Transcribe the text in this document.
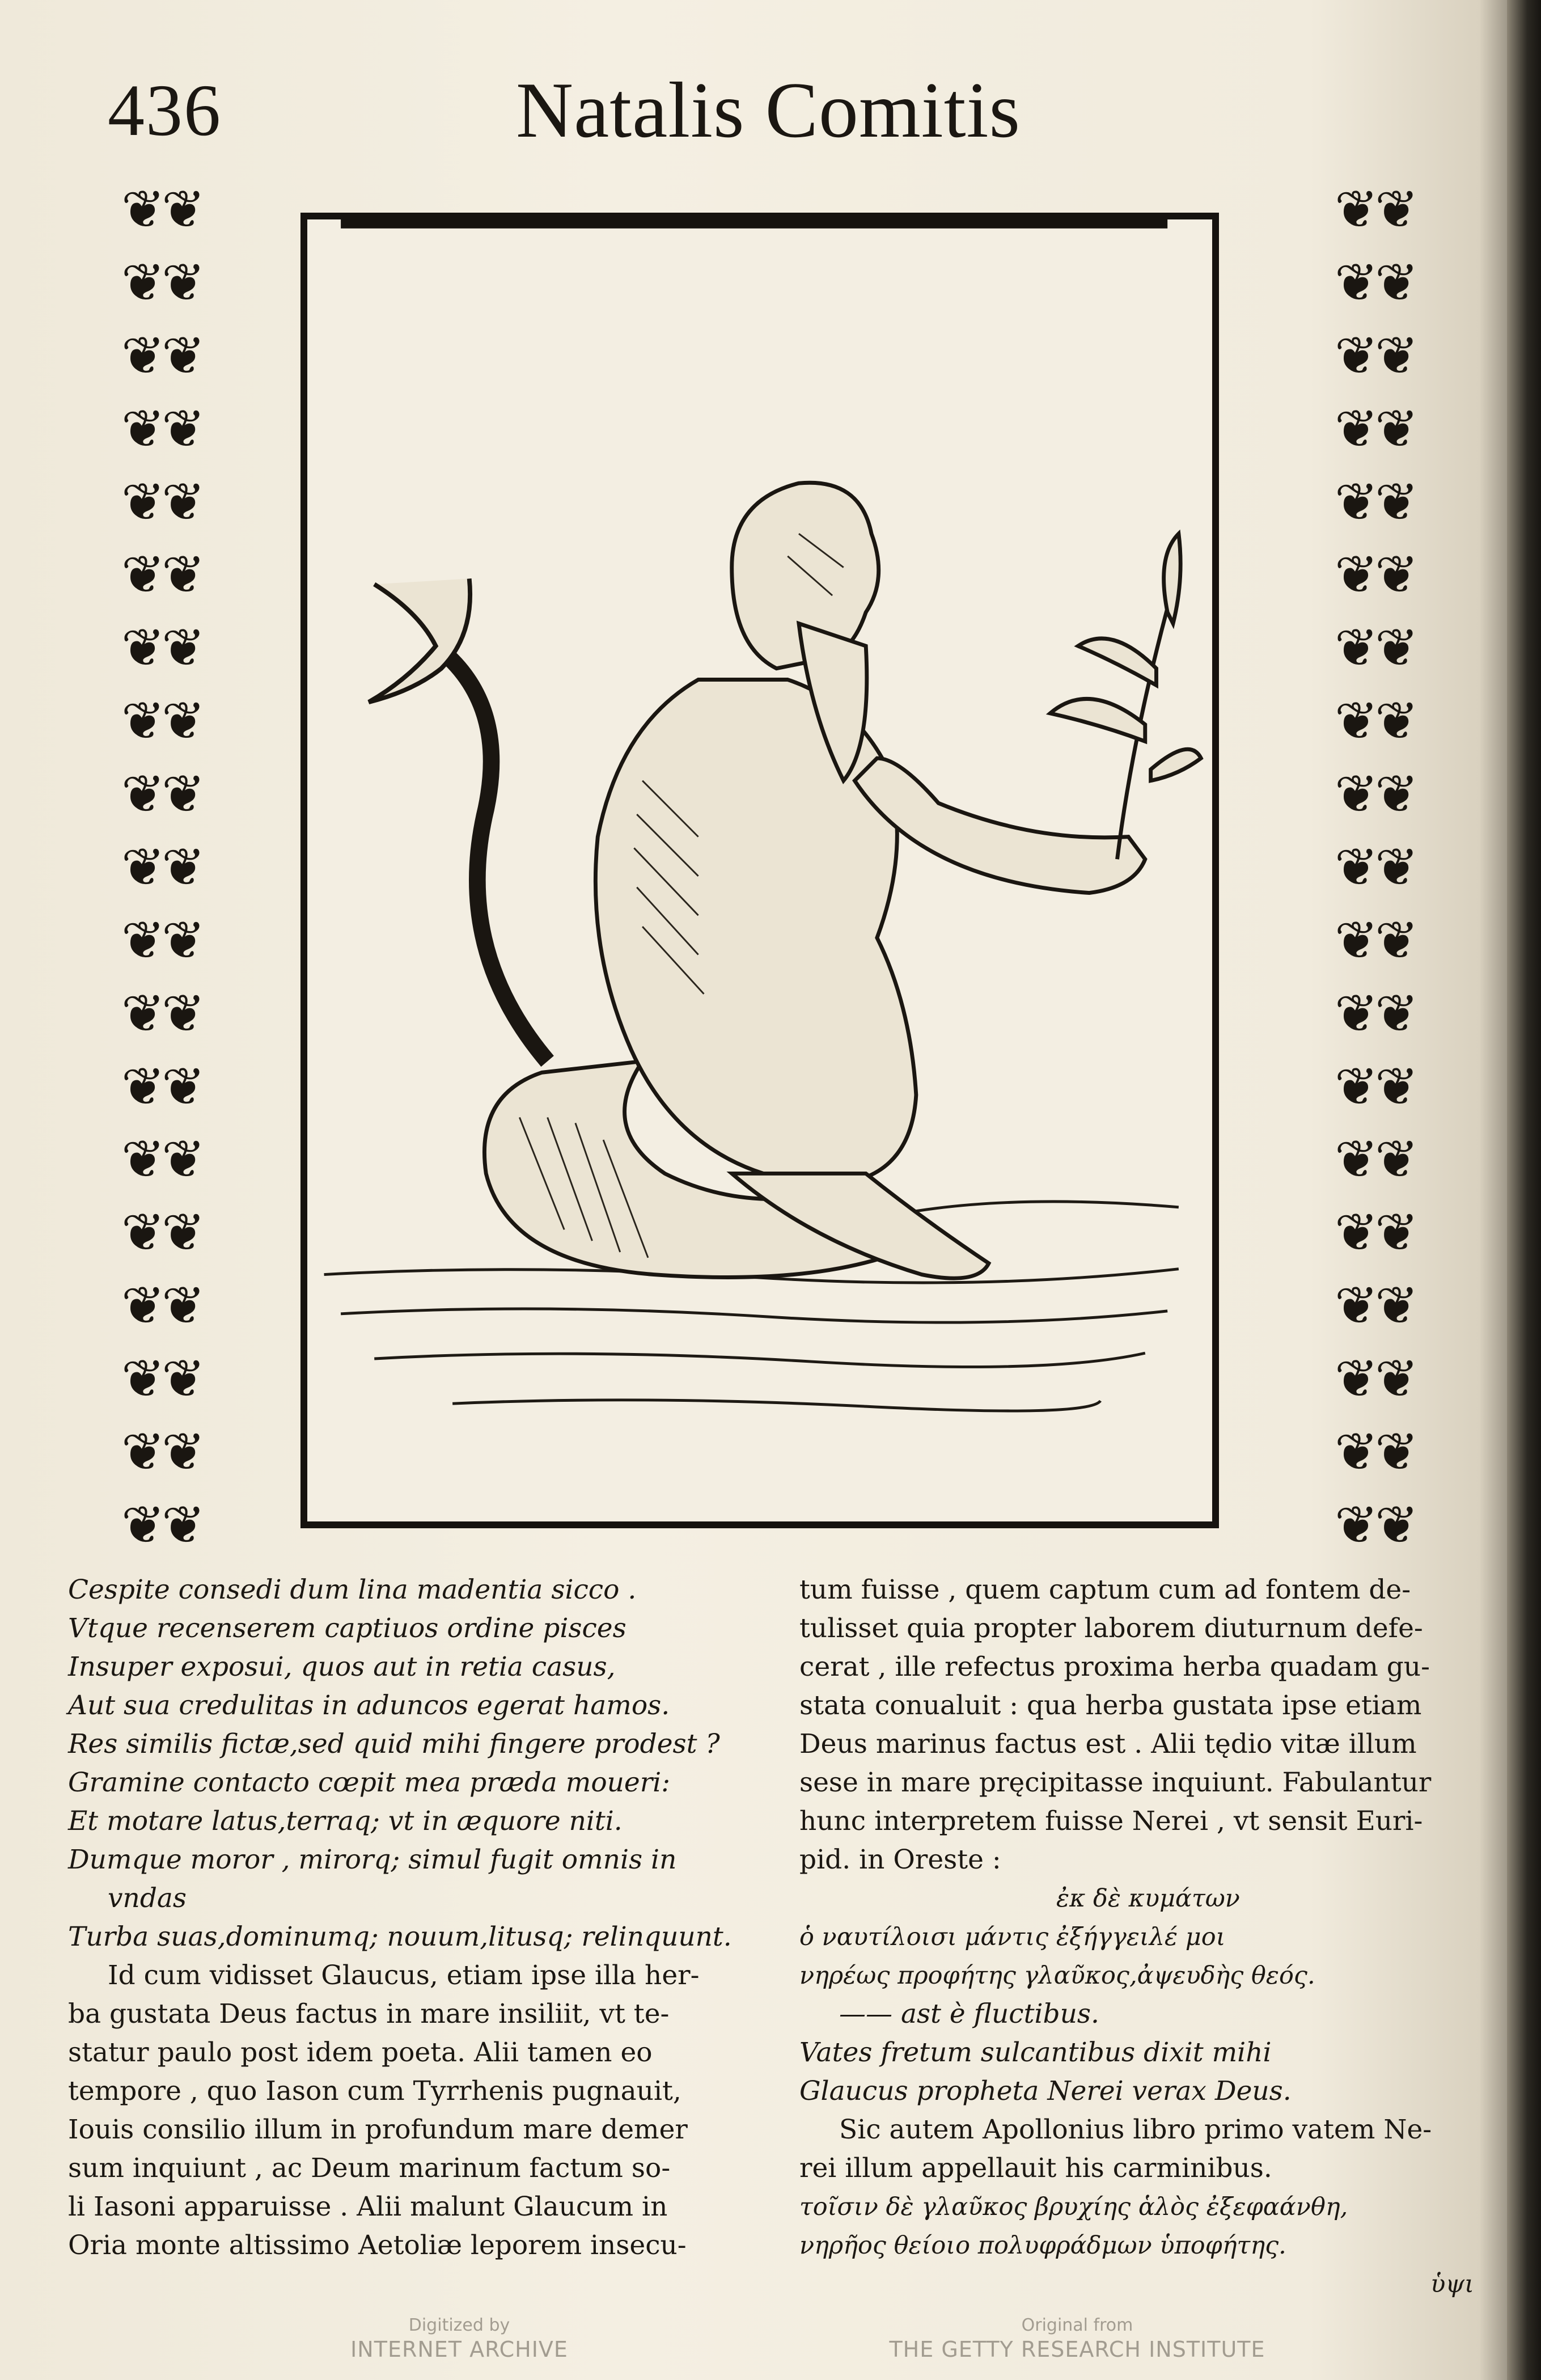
436	Natalis Comitis
❦❦
❦❦
❦❦
❦❦
❦❦
❦❦
❦❦
❦❦
❦❦
❦❦
❦❦
❦❦
❦❦
❦❦
❦❦
❦❦
❦❦
❦❦
❦❦
❦❦
❦❦
❦❦
❦❦
❦❦
❦❦
❦❦
❦❦
❦❦
❦❦
❦❦
❦❦
❦❦
❦❦
❦❦
❦❦
❦❦
❦❦
❦❦
Cespite consedi dum lina madentia sicco .
Vtque recenserem captiuos ordine pisces
Insuper exposui, quos aut in retia casus,
Aut sua credulitas in aduncos egerat hamos.
Res similis fictæ,sed quid mihi fingere prodest ?
Gramine contacto cœpit mea præda moueri:
Et motare latus,terraq; vt in æquore niti.
Dumque moror , mirorq; simul fugit omnis in
vndas
Turba suas,dominumq; nouum,litusq; relinquunt.
Id cum vidisset Glaucus, etiam ipse illa her-
ba gustata Deus factus in mare insiliit, vt te-
statur paulo post idem poeta. Alii tamen eo
tempore , quo Iason cum Tyrrhenis pugnauit,
Iouis consilio illum in profundum mare demer
sum inquiunt , ac Deum marinum factum so-
li Iasoni apparuisse . Alii malunt Glaucum in
Oria monte altissimo Aetoliæ leporem insecu-
tum fuisse , quem captum cum ad fontem de-
tulisset quia propter laborem diuturnum defe-
cerat , ille refectus proxima herba quadam gu-
stata conualuit : qua herba gustata ipse etiam
Deus marinus factus est . Alii tędio vitæ illum
sese in mare pręcipitasse inquiunt. Fabulantur
hunc interpretem fuisse Nerei , vt sensit Euri-
pid. in Oreste :
ἐκ δὲ κυμάτων
ὁ ναυτίλοισι μάντις ἐξήγγειλέ μοι
νηρέως προφήτης γλαῦκος,ἀψευδὴς θεός.
—— ast è fluctibus.
Vates fretum sulcantibus dixit mihi
Glaucus propheta Nerei verax Deus.
Sic autem Apollonius libro primo vatem Ne-
rei illum appellauit his carminibus.
τοῖσιν δὲ γλαῦκος βρυχίης ἁλὸς ἐξεφαάνθη,
νηρῆος θείοιο πολυφράδμων ὑποφήτης.
ὑψι
Digitized by
INTERNET ARCHIVE
Original from
THE GETTY RESEARCH INSTITUTE
